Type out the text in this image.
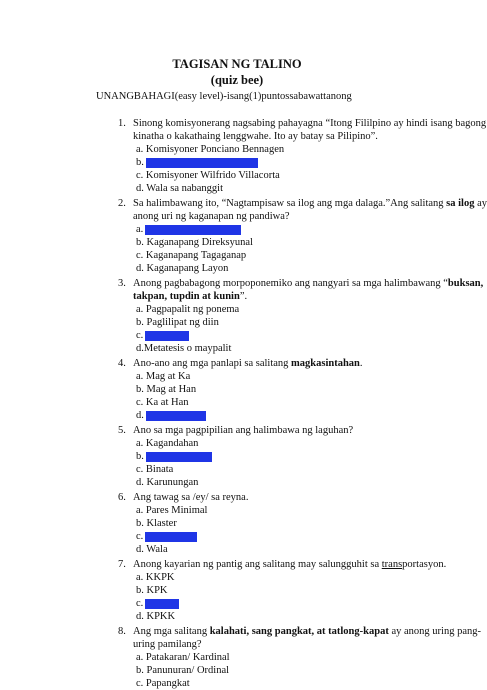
TAGISAN NG TALINO
(quiz bee)
UNANGBAHAGI(easy level)-isang(1)puntossabawattanong
1. Sinong komisyonerang nagsabing pahayagna “Itong Fililpino ay hindi isang bagong
kinatha o kakathaing lenggwahe. Ito ay batay sa Pilipino”.
a. Komisyoner Ponciano Bennagen
b.
c. Komisyoner Wilfrido Villacorta
d. Wala sa nabanggit
2. Sa halimbawang ito, “Nagtampisaw sa ilog ang mga dalaga.”Ang salitang sa ilog ay
anong uri ng kaganapan ng pandiwa?
a.
b. Kaganapang Direksyunal
c. Kaganapang Tagaganap
d. Kaganapang Layon
3. Anong pagbabagong morpoponemiko ang nangyari sa mga halimbawang “buksan,
takpan, tupdin at kunin”.
a. Pagpapalit ng ponema
b. Paglilipat ng diin
c.
d.Metatesis o maypalit
4. Ano-ano ang mga panlapi sa salitang magkasintahan.
a. Mag at Ka
b. Mag at Han
c. Ka at Han
d.
5. Ano sa mga pagpipilian ang halimbawa ng laguhan?
a. Kagandahan
b.
c. Binata
d. Karunungan
6. Ang tawag sa /ey/ sa reyna.
a. Pares Minimal
b. Klaster
c.
d. Wala
7. Anong kayarian ng pantig ang salitang may salungguhit sa transportasyon.
a. KKPK
b. KPK
c.
d. KPKK
8. Ang mga salitang kalahati, sang pangkat, at tatlong-kapat ay anong uring pang-
uring pamilang?
a. Patakaran/ Kardinal
b. Panunuran/ Ordinal
c. Papangkat
